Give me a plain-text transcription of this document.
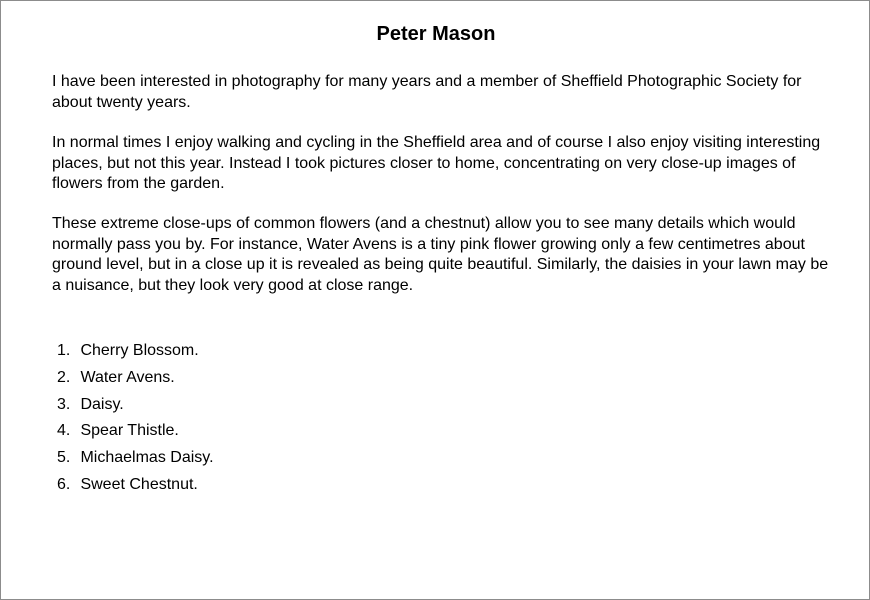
Peter Mason

I have been interested in photography for many years and a member of Sheffield Photographic Society for about twenty years.

In normal times I enjoy walking and cycling in the Sheffield area and of course I also enjoy visiting interesting places, but not this year. Instead I took pictures closer to home, concentrating on very close-up images of flowers from the garden.

These extreme close-ups of common flowers (and a chestnut) allow you to see many details which would normally pass you by. For instance, Water Avens is a tiny pink flower growing only a few centimetres about ground level, but in a close up it is revealed as being quite beautiful. Similarly, the daisies in your lawn may be a nuisance, but they look very good at close range.

1. Cherry Blossom.
2. Water Avens.
3. Daisy.
4. Spear Thistle.
5. Michaelmas Daisy.
6. Sweet Chestnut.
